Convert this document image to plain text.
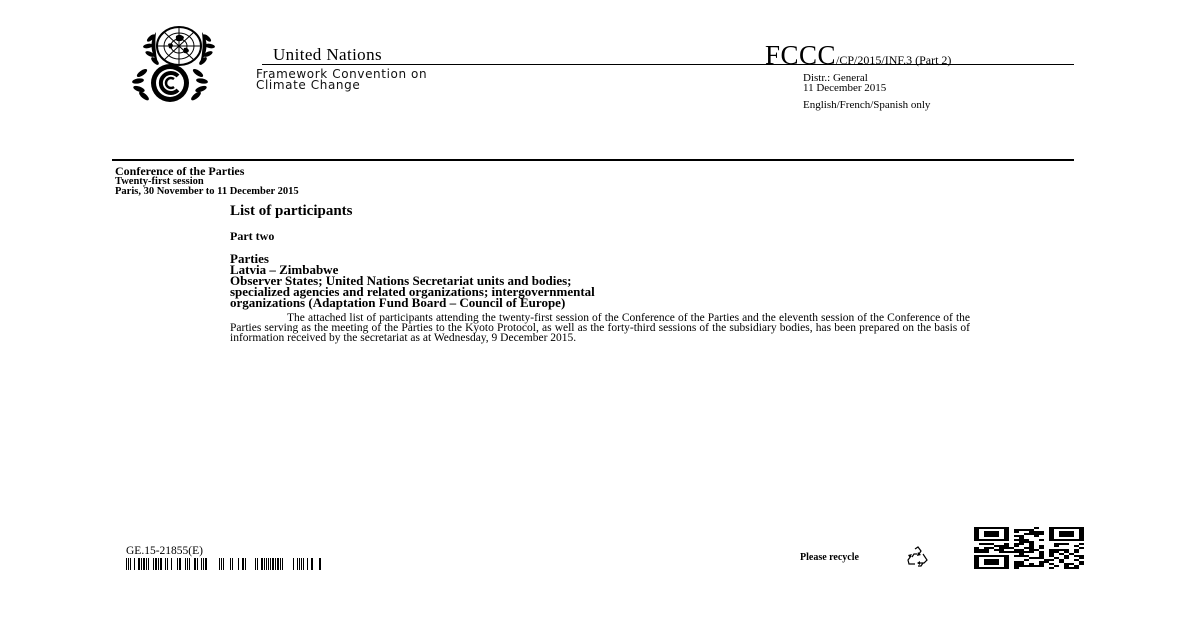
United Nations	FCCC/CP/2015/INF.3 (Part 2)
Framework Convention on
Climate Change	Distr.: General
11 December 2015
English/French/Spanish only
Conference of the Parties
Twenty-first session
Paris, 30 November to 11 December 2015
List of participants
Part two
Parties
Latvia – Zimbabwe
Observer States; United Nations Secretariat units and bodies;
specialized agencies and related organizations; intergovernmental
organizations (Adaptation Fund Board – Council of Europe)

The attached list of participants attending the twenty-first session of the Conference of the Parties and the eleventh session of the Conference of the Parties serving as the meeting of the Parties to the Kyoto Protocol, as well as the forty-third sessions of the subsidiary bodies, has been prepared on the basis of information received by the secretariat as at Wednesday, 9 December 2015.

GE.15-21855(E)
Please recycle
